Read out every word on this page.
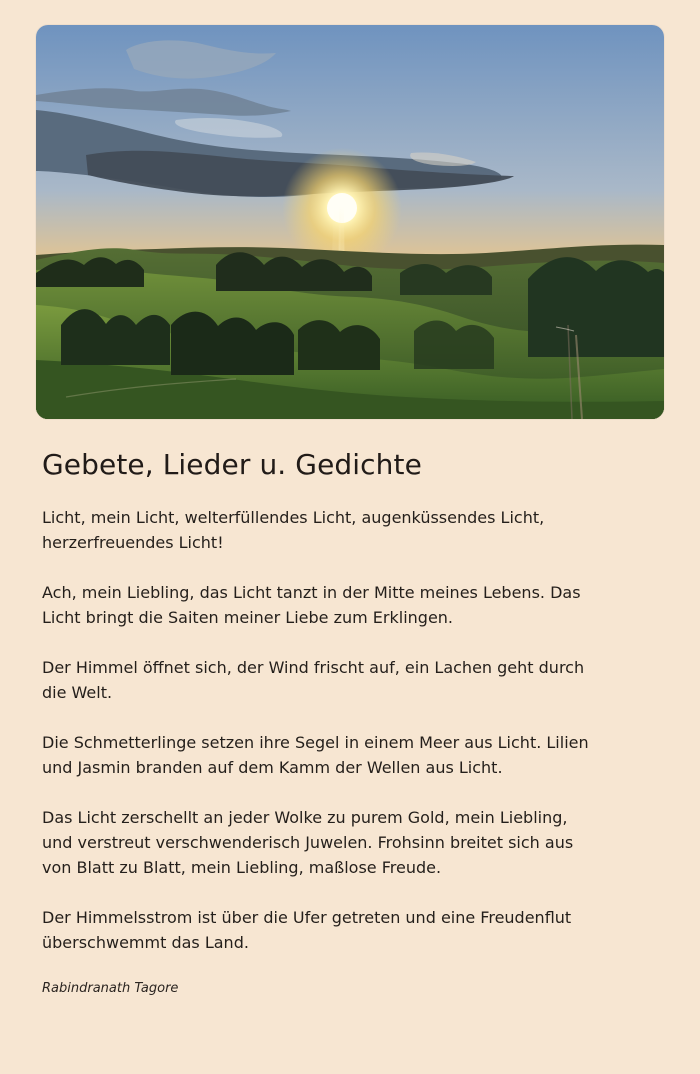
Gebete, Lieder u. Gedichte

Licht, mein Licht, welterfüllendes Licht, augenküssendes Licht, herzerfreuendes Licht!

Ach, mein Liebling, das Licht tanzt in der Mitte meines Lebens. Das Licht bringt die Saiten meiner Liebe zum Erklingen.

Der Himmel öffnet sich, der Wind frischt auf, ein Lachen geht durch die Welt.

Die Schmetterlinge setzen ihre Segel in einem Meer aus Licht. Lilien und Jasmin branden auf dem Kamm der Wellen aus Licht.

Das Licht zerschellt an jeder Wolke zu purem Gold, mein Liebling, und verstreut verschwenderisch Juwelen. Frohsinn breitet sich aus von Blatt zu Blatt, mein Liebling, maßlose Freude.

Der Himmelsstrom ist über die Ufer getreten und eine Freudenflut überschwemmt das Land.

Rabindranath Tagore
